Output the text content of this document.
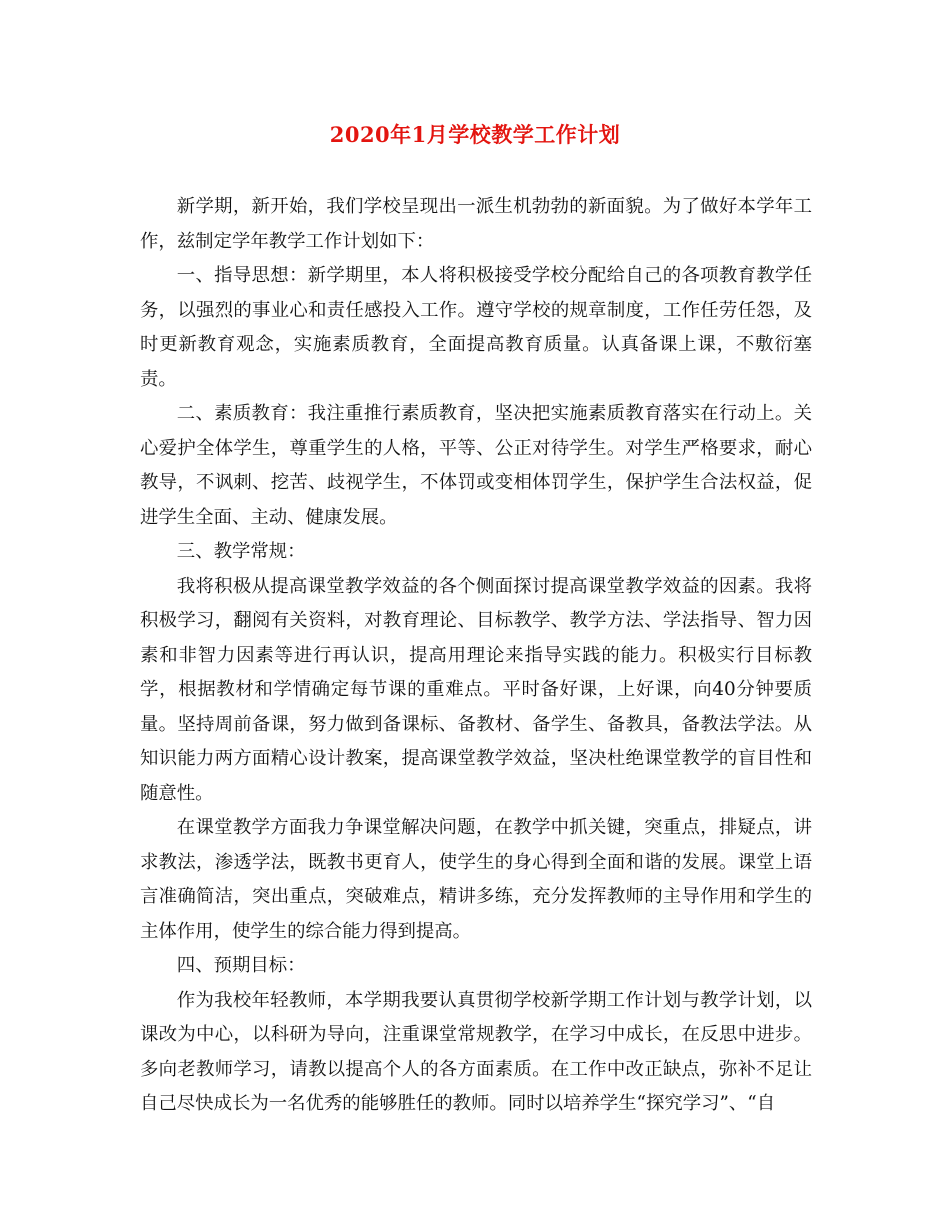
2020年1月学校教学工作计划

新学期，新开始，我们学校呈现出一派生机勃勃的新面貌。为了做好本学年工作，兹制定学年教学工作计划如下：

一、指导思想：新学期里，本人将积极接受学校分配给自己的各项教育教学任务，以强烈的事业心和责任感投入工作。遵守学校的规章制度，工作任劳任怨，及时更新教育观念，实施素质教育，全面提高教育质量。认真备课上课，不敷衍塞责。

二、素质教育：我注重推行素质教育，坚决把实施素质教育落实在行动上。关心爱护全体学生，尊重学生的人格，平等、公正对待学生。对学生严格要求，耐心教导，不讽刺、挖苦、歧视学生，不体罚或变相体罚学生，保护学生合法权益，促进学生全面、主动、健康发展。

三、教学常规：

我将积极从提高课堂教学效益的各个侧面探讨提高课堂教学效益的因素。我将积极学习，翻阅有关资料，对教育理论、目标教学、教学方法、学法指导、智力因素和非智力因素等进行再认识，提高用理论来指导实践的能力。积极实行目标教学，根据教材和学情确定每节课的重难点。平时备好课，上好课，向40分钟要质量。坚持周前备课，努力做到备课标、备教材、备学生、备教具，备教法学法。从知识能力两方面精心设计教案，提高课堂教学效益，坚决杜绝课堂教学的盲目性和随意性。

在课堂教学方面我力争课堂解决问题，在教学中抓关键，突重点，排疑点，讲求教法，渗透学法，既教书更育人，使学生的身心得到全面和谐的发展。课堂上语言准确简洁，突出重点，突破难点，精讲多练，充分发挥教师的主导作用和学生的主体作用，使学生的综合能力得到提高。

四、预期目标：

作为我校年轻教师，本学期我要认真贯彻学校新学期工作计划与教学计划，以课改为中心，以科研为导向，注重课堂常规教学，在学习中成长，在反思中进步。多向老教师学习，请教以提高个人的各方面素质。在工作中改正缺点，弥补不足让自己尽快成长为一名优秀的能够胜任的教师。同时以培养学生“探究学习”、“自
